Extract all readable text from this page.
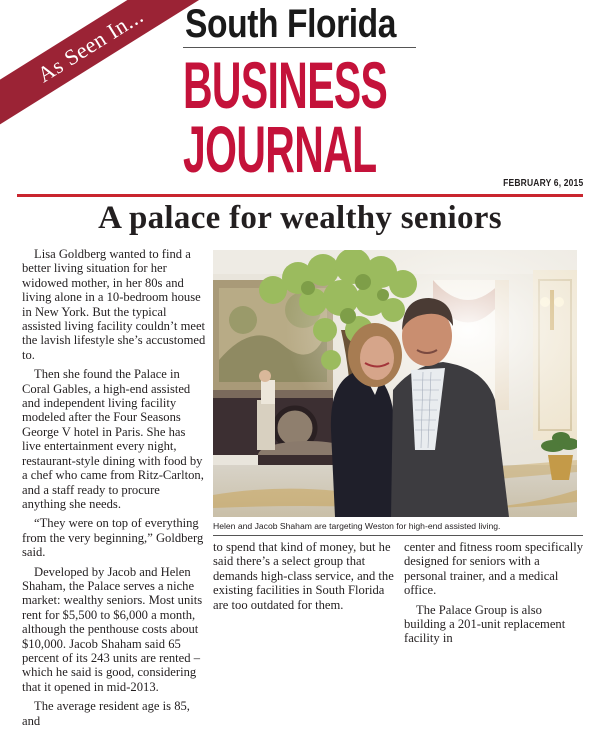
As Seen In... South Florida
BUSINESS
JOURNAL	FEBRUARY 6, 2015
A palace for wealthy seniors

Lisa Goldberg wanted to find a better living situation for her widowed mother, in her 80s and living alone in a 10-bedroom house in New York. But the typical assisted living facility couldn’t meet the lavish lifestyle she’s accustomed to.

Then she found the Palace in Coral Gables, a high-end assisted and independent living facility modeled after the Four Seasons George V hotel in Paris. She has live entertainment every night, restaurant-style dining with food by a chef who came from Ritz-Carlton, and a staff ready to procure anything she needs.

“They were on top of everything from the very beginning,” Goldberg said.

Developed by Jacob and Helen Shaham, the Palace serves a niche market: wealthy seniors. Most units rent for $5,500 to $6,000 a month, although the penthouse costs about $10,000. Jacob Shaham said 65 percent of its 243 units are rented – which he said is good, considering that it opened in mid-2013.

The average resident age is 85, and

Helen and Jacob Shaham are targeting Weston for high-end assisted living.

to spend that kind of money, but he said there’s a select group that demands high-class service, and the existing facilities in South Florida are too outdated for them.

center and fitness room specifically designed for seniors with a personal trainer, and a medical office.

The Palace Group is also building a 201-unit replacement facility in
